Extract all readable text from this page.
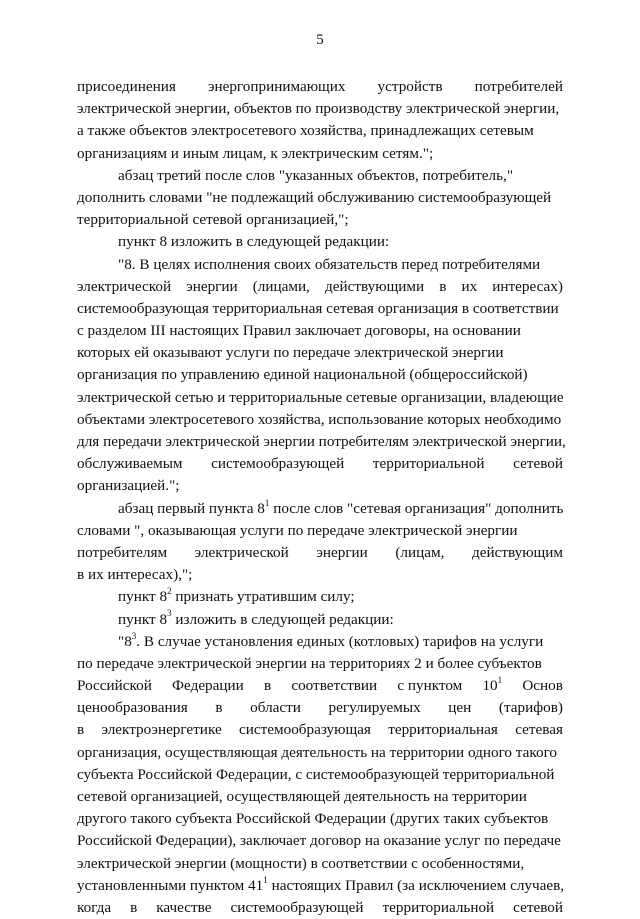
5
присоединения энергопринимающих устройств потребителей
электрической энергии, объектов по производству электрической энергии,
а также объектов электросетевого хозяйства, принадлежащих сетевым
организациям и иным лицам, к электрическим сетям.";
абзац третий после слов "указанных объектов, потребитель,"
дополнить словами "не подлежащий обслуживанию системообразующей
территориальной сетевой организацией,";
пункт 8 изложить в следующей редакции:
"8. В целях исполнения своих обязательств перед потребителями
электрической энергии (лицами, действующими в их интересах)
системообразующая территориальная сетевая организация в соответствии
с разделом III настоящих Правил заключает договоры, на основании
которых ей оказывают услуги по передаче электрической энергии
организация по управлению единой национальной (общероссийской)
электрической сетью и территориальные сетевые организации, владеющие
объектами электросетевого хозяйства, использование которых необходимо
для передачи электрической энергии потребителям электрической энергии,
обслуживаемым системообразующей территориальной сетевой
организацией.";
абзац первый пункта $8^1$ после слов "сетевая организация" дополнить
словами ", оказывающая услуги по передаче электрической энергии
потребителям электрической энергии (лицам, действующим
в их интересах),";
пункт $8^2$ признать утратившим силу;
пункт $8^3$ изложить в следующей редакции:
"$8^3$. В случае установления единых (котловых) тарифов на услуги
по передаче электрической энергии на территориях 2 и более субъектов
Российской Федерации в соответствии с пунктом $10^1$ Основ
ценообразования в области регулируемых цен (тарифов)
в электроэнергетике системообразующая территориальная сетевая
организация, осуществляющая деятельность на территории одного такого
субъекта Российской Федерации, с системообразующей территориальной
сетевой организацией, осуществляющей деятельность на территории
другого такого субъекта Российской Федерации (других таких субъектов
Российской Федерации), заключает договор на оказание услуг по передаче
электрической энергии (мощности) в соответствии с особенностями,
установленными пунктом $41^1$ настоящих Правил (за исключением случаев,
когда в качестве системообразующей территориальной сетевой
